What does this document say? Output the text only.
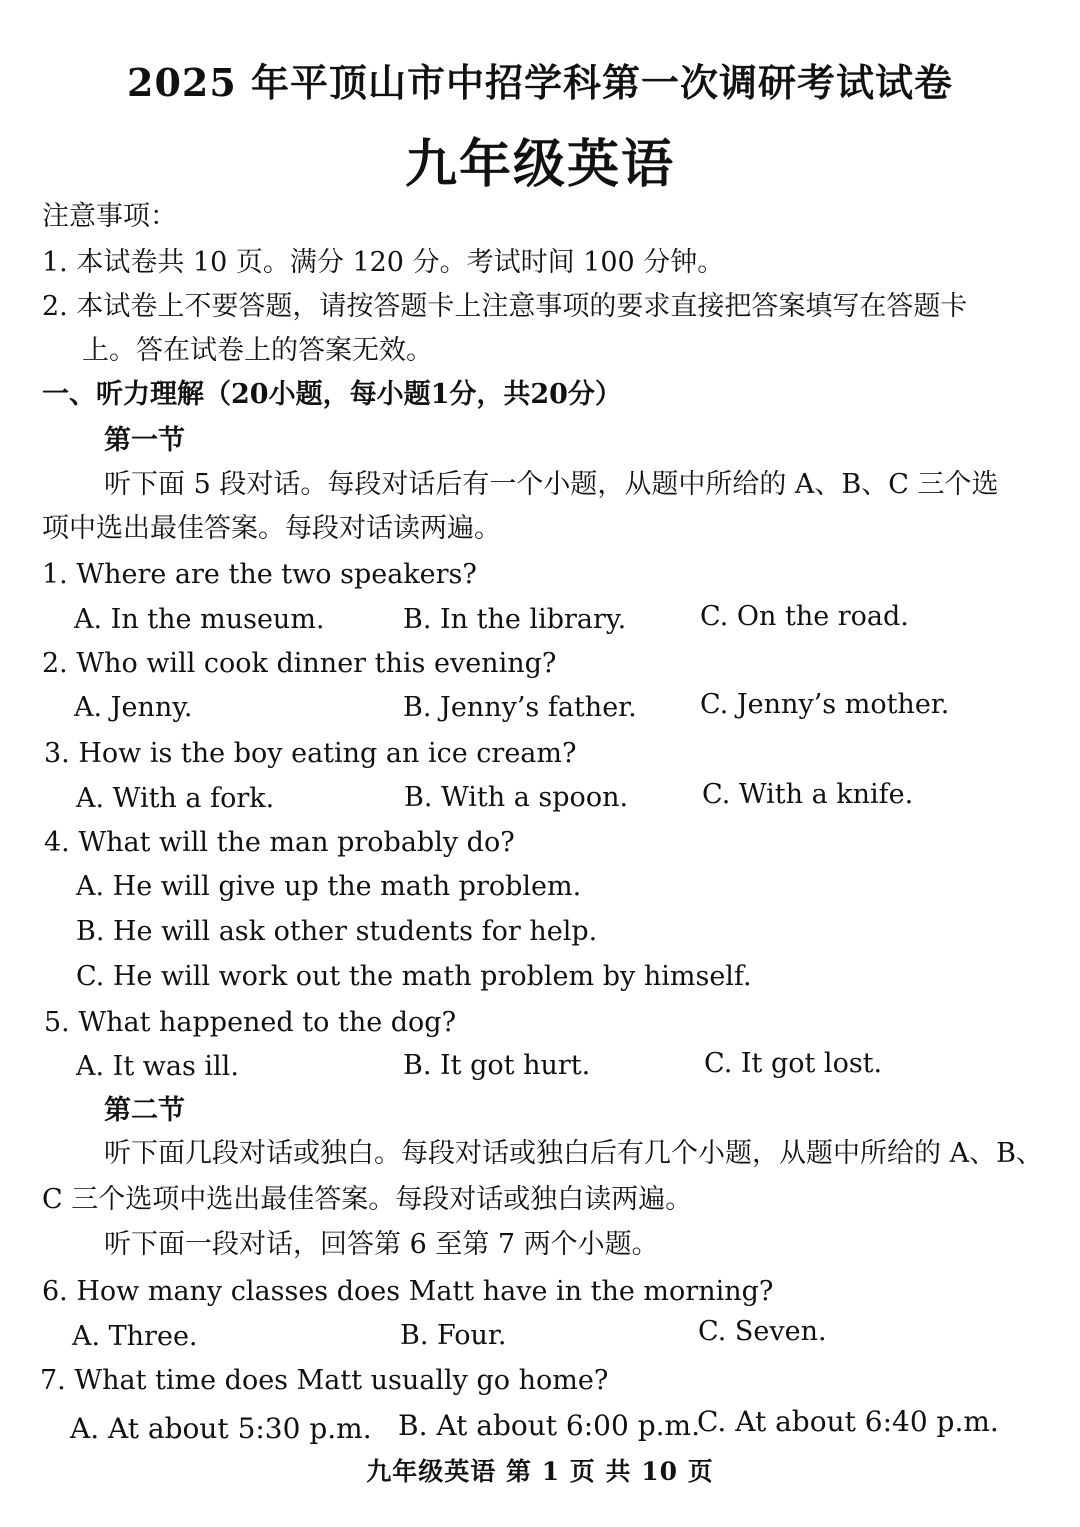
2025 年平顶山市中招学科第一次调研考试试卷
九年级英语
注意事项：
1. 本试卷共 10 页。满分 120 分。考试时间 100 分钟。
2. 本试卷上不要答题，请按答题卡上注意事项的要求直接把答案填写在答题卡
上。答在试卷上的答案无效。
一、听力理解（20小题，每小题1分，共20分）
第一节
听下面 5 段对话。每段对话后有一个小题，从题中所给的 A、B、C 三个选
项中选出最佳答案。每段对话读两遍。
1. Where are the two speakers?
A. In the museum.	B. In the library.	C. On the road.
2. Who will cook dinner this evening?
A. Jenny.	B. Jenny’s father. C. Jenny’s mother.
3. How is the boy eating an ice cream?
A. With a fork.	B. With a spoon.	C. With a knife.
4. What will the man probably do?
A. He will give up the math problem.
B. He will ask other students for help.
C. He will work out the math problem by himself.
5. What happened to the dog?
A. It was ill.	B. It got hurt.	C. It got lost.
第二节
听下面几段对话或独白。每段对话或独白后有几个小题，从题中所给的 A、B、
C 三个选项中选出最佳答案。每段对话或独白读两遍。
听下面一段对话，回答第 6 至第 7 两个小题。
6. How many classes does Matt have in the morning?
A. Three.	B. Four.	C. Seven.
7. What time does Matt usually go home?
A. At about 5:30 p.m. B. At about 6:00 p.m.
C. At about 6:40 p.m.
九年级英语 第 1 页 共 10 页
